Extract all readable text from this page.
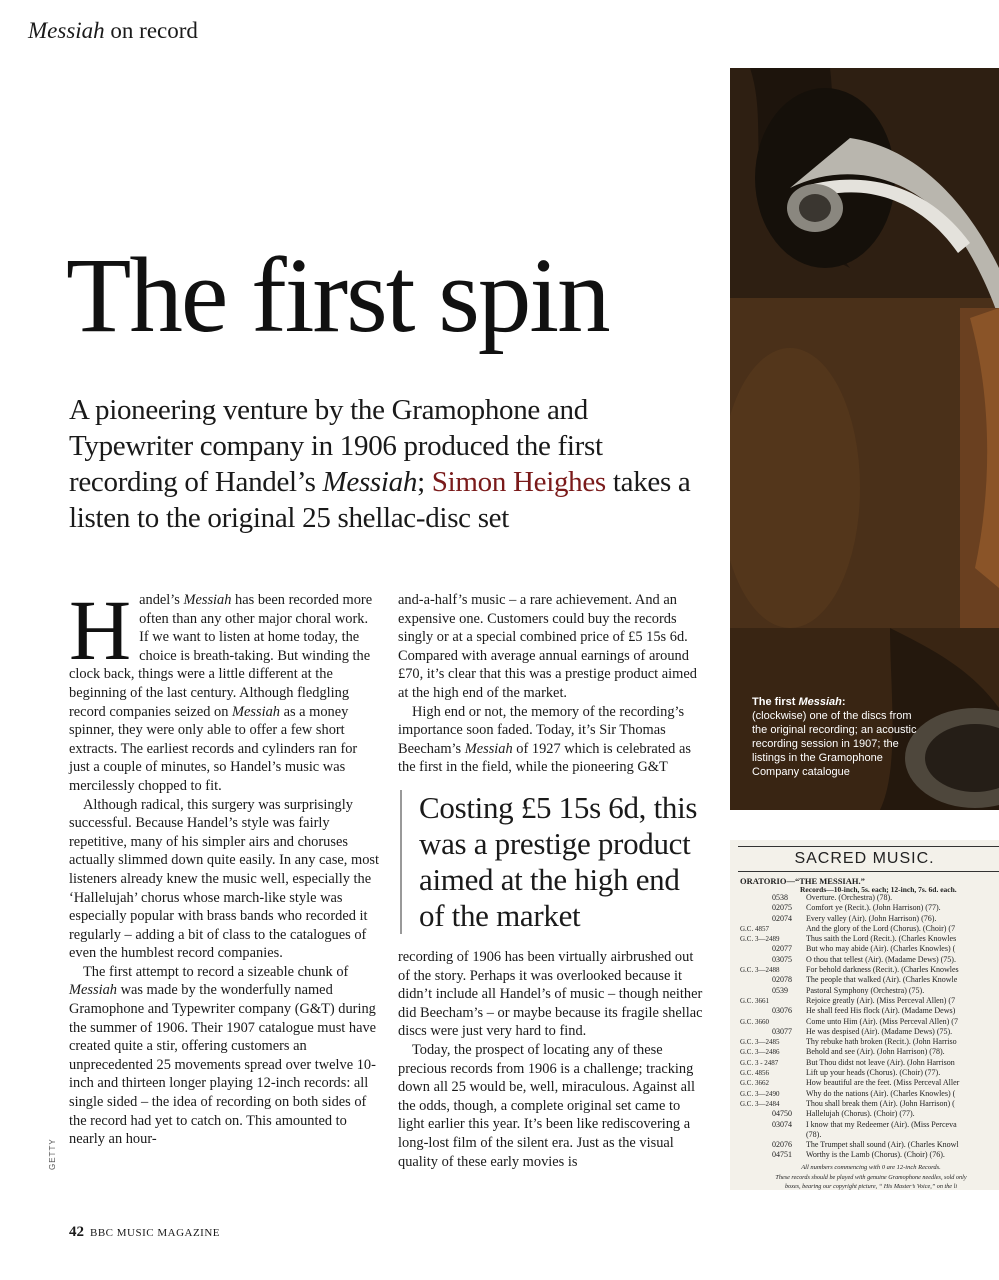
Messiah on record
The first Messiah:
(clockwise) one of the discs from the original recording; an acoustic recording session in 1907; the listings in the Gramophone Company catalogue
The first spin
A pioneering venture by the Gramophone and Typewriter company in 1906 produced the first recording of Handel’s Messiah; Simon Heighes takes a listen to the original 25 shellac-disc set

Handel’s Messiah has been recorded more often than any other major choral work. If we want to listen at home today, the choice is breath-taking. But winding the clock back, things were a little different at the beginning of the last century. Although fledgling record companies seized on Messiah as a money spinner, they were only able to offer a few short extracts. The earliest records and cylinders ran for just a couple of minutes, so Handel’s music was mercilessly chopped to fit.

Although radical, this surgery was surprisingly successful. Because Handel’s style was fairly repetitive, many of his simpler airs and choruses actually slimmed down quite easily. In any case, most listeners already knew the music well, especially the ‘Hallelujah’ chorus whose march-like style was especially popular with brass bands who recorded it regularly – adding a bit of class to the catalogues of even the humblest record companies.

The first attempt to record a sizeable chunk of Messiah was made by the wonderfully named Gramophone and Typewriter company (G&T) during the summer of 1906. Their 1907 catalogue must have created quite a stir, offering customers an unprecedented 25 movements spread over twelve 10-inch and thirteen longer playing 12-inch records: all single sided – the idea of recording on both sides of the record had yet to catch on. This amounted to nearly an hour-

and-a-half’s music – a rare achievement. And an expensive one. Customers could buy the records singly or at a special combined price of £5 15s 6d. Compared with average annual earnings of around £70, it’s clear that this was a prestige product aimed at the high end of the market.

High end or not, the memory of the recording’s importance soon faded. Today, it’s Sir Thomas Beecham’s Messiah of 1927 which is celebrated as the first in the field, while the pioneering G&T

Costing £5 15s 6d, this was a prestige product aimed at the high end of the market

recording of 1906 has been virtually airbrushed out of the story. Perhaps it was overlooked because it didn’t include all Handel’s of music – though neither did Beecham’s – or maybe because its fragile shellac discs were just very hard to find.

Today, the prospect of locating any of these precious records from 1906 is a challenge; tracking down all 25 would be, well, miraculous. Against all the odds, though, a complete original set came to light earlier this year. It’s been like rediscovering a long-lost film of the silent era. Just as the visual quality of these early movies is

GETTY
42 BBC MUSIC MAGAZINE
SACRED MUSIC.
ORATORIO—“THE MESSIAH.”
Records—10-inch, 5s. each; 12-inch, 7s. 6d. each.
0538 Overture. (Orchestra) (78).
02075 Comfort ye (Recit.). (John Harrison) (77).
02074 Every valley (Air). (John Harrison) (76).
G.C. 4857	And the glory of the Lord (Chorus). (Choir) (7
G.C. 3—2489	Thus saith the Lord (Recit.). (Charles Knowles
02077 But who may abide (Air). (Charles Knowles) (
03075 O thou that tellest (Air). (Madame Dews) (75).
G.C. 3—2488	For behold darkness (Recit.). (Charles Knowles
02078 The people that walked (Air). (Charles Knowle
0539 Pastoral Symphony (Orchestra) (75).
G.C. 3661	Rejoice greatly (Air). (Miss Perceval Allen) (7
03076 He shall feed His flock (Air). (Madame Dews)
G.C. 3660	Come unto Him (Air). (Miss Perceval Allen) (7
03077 He was despised (Air). (Madame Dews) (75).
G.C. 3—2485	Thy rebuke hath broken (Recit.). (John Harriso
G.C. 3—2486	Behold and see (Air). (John Harrison) (78).
G.C. 3 - 2487	But Thou didst not leave (Air). (John Harrison
G.C. 4856	Lift up your heads (Chorus). (Choir) (77).
G.C. 3662	How beautiful are the feet. (Miss Perceval Aller
G.C. 3—2490	Why do the nations (Air). (Charles Knowles) (
G.C. 3—2484	Thou shall break them (Air). (John Harrison) (
04750 Hallelujah (Chorus). (Choir) (77).
03074 I know that my Redeemer (Air). (Miss Perceva
(78).
02076 The Trumpet shall sound (Air). (Charles Knowl
04751 Worthy is the Lamb (Chorus). (Choir) (76).
All numbers commencing with 0 are 12-inch Records.
These records should be played with genuine Gramophone needles, sold only
boxes, bearing our copyright picture, “ His Master’s Voice,” on the li
